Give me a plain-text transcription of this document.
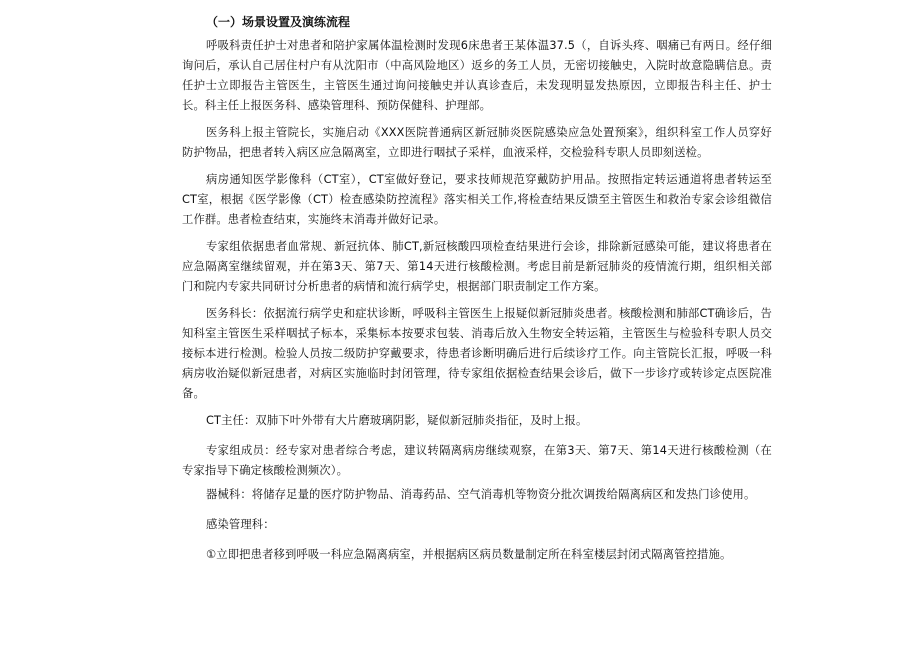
（一）场景设置及演练流程

呼吸科责任护士对患者和陪护家属体温检测时发现6床患者王某体温37.5（，自诉头疼、咽痛已有两日。经仔细询问后，承认自己居住村户有从沈阳市（中高风险地区）返乡的务工人员，无密切接触史，入院时故意隐瞒信息。责任护士立即报告主管医生，主管医生通过询问接触史并认真诊查后，未发现明显发热原因，立即报告科主任、护士长。科主任上报医务科、感染管理科、预防保健科、护理部。

医务科上报主管院长，实施启动《XXX医院普通病区新冠肺炎医院感染应急处置预案》，组织科室工作人员穿好防护物品，把患者转入病区应急隔离室，立即进行咽拭子采样，血液采样，交检验科专职人员即刻送检。

病房通知医学影像科（CT室），CT室做好登记，要求技师规范穿戴防护用品。按照指定转运通道将患者转运至CT室，根据《医学影像（CT）检查感染防控流程》落实相关工作,将检查结果反馈至主管医生和救治专家会诊组微信工作群。患者检查结束，实施终末消毒并做好记录。

专家组依据患者血常规、新冠抗体、肺CT,新冠核酸四项检查结果进行会诊，排除新冠感染可能，建议将患者在应急隔离室继续留观，并在第3天、第7天、第14天进行核酸检测。考虑目前是新冠肺炎的疫情流行期，组织相关部门和院内专家共同研讨分析患者的病情和流行病学史，根据部门职责制定工作方案。

医务科长：依据流行病学史和症状诊断，呼吸科主管医生上报疑似新冠肺炎患者。核酸检测和肺部CT确诊后，告知科室主管医生采样咽拭子标本，采集标本按要求包装、消毒后放入生物安全转运箱，主管医生与检验科专职人员交接标本进行检测。检验人员按二级防护穿戴要求，待患者诊断明确后进行后续诊疗工作。向主管院长汇报，呼吸一科病房收治疑似新冠患者，对病区实施临时封闭管理，待专家组依据检查结果会诊后，做下一步诊疗或转诊定点医院准备。

CT主任：双肺下叶外带有大片磨玻璃阴影，疑似新冠肺炎指征，及时上报。

专家组成员：经专家对患者综合考虑，建议转隔离病房继续观察，在第3天、第7天、第14天进行核酸检测（在专家指导下确定核酸检测频次）。

器械科：将储存足量的医疗防护物品、消毒药品、空气消毒机等物资分批次调拨给隔离病区和发热门诊使用。

感染管理科：

①立即把患者移到呼吸一科应急隔离病室，并根据病区病员数量制定所在科室楼层封闭式隔离管控措施。
